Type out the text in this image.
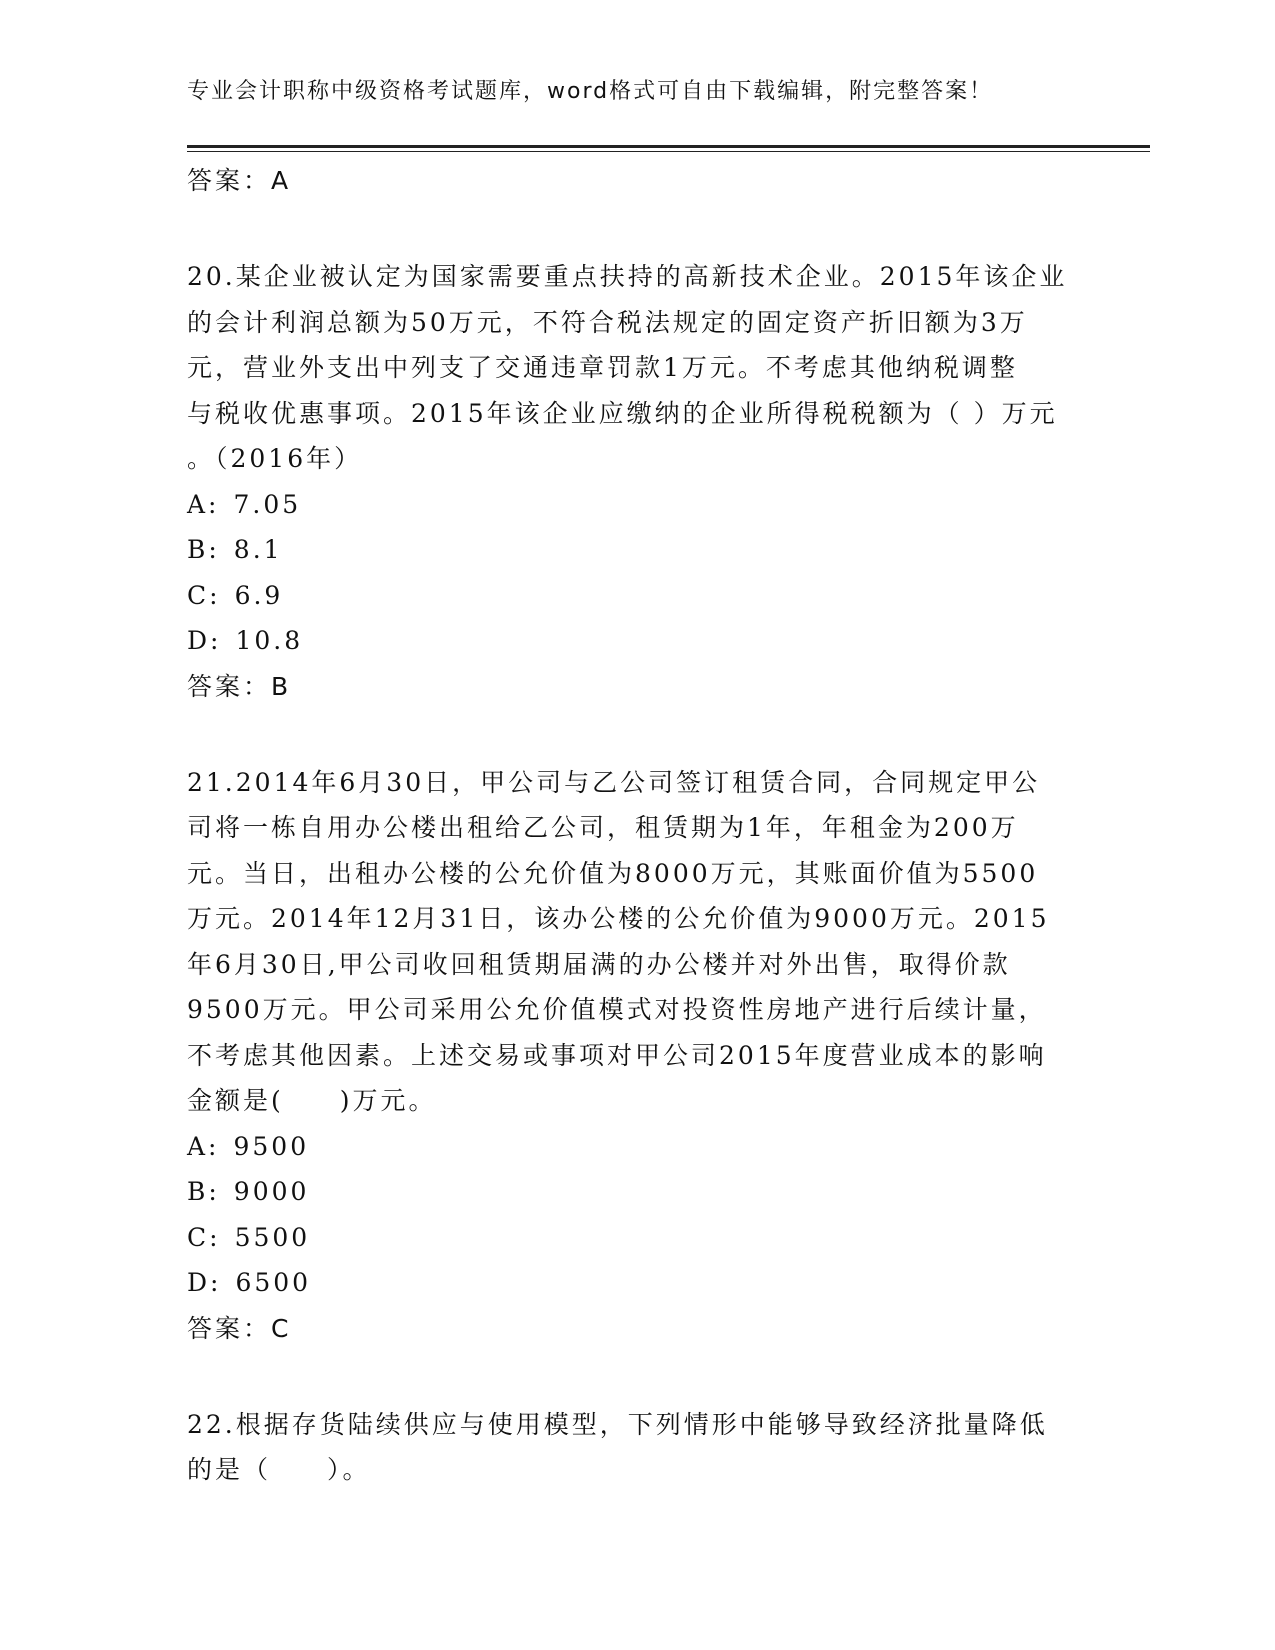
专业会计职称中级资格考试题库，word格式可自由下载编辑，附完整答案！
答案：A

20.某企业被认定为国家需要重点扶持的高新技术企业。2015年该企业
的会计利润总额为50万元，不符合税法规定的固定资产折旧额为3万
元，营业外支出中列支了交通违章罚款1万元。不考虑其他纳税调整
与税收优惠事项。2015年该企业应缴纳的企业所得税税额为（ ）万元
。（2016年）

A: 7.05
B: 8.1
C: 6.9
D: 10.8
答案：B

21.2014年6月30日，甲公司与乙公司签订租赁合同，合同规定甲公
司将一栋自用办公楼出租给乙公司，租赁期为1年，年租金为200万
元。当日，出租办公楼的公允价值为8000万元，其账面价值为5500
万元。2014年12月31日，该办公楼的公允价值为9000万元。2015
年6月30日,甲公司收回租赁期届满的办公楼并对外出售，取得价款
9500万元。甲公司采用公允价值模式对投资性房地产进行后续计量，
不考虑其他因素。上述交易或事项对甲公司2015年度营业成本的影响
金额是(　　)万元。

A: 9500
B: 9000
C: 5500
D: 6500
答案：C

22.根据存货陆续供应与使用模型，下列情形中能够导致经济批量降低
的是（　　）。
